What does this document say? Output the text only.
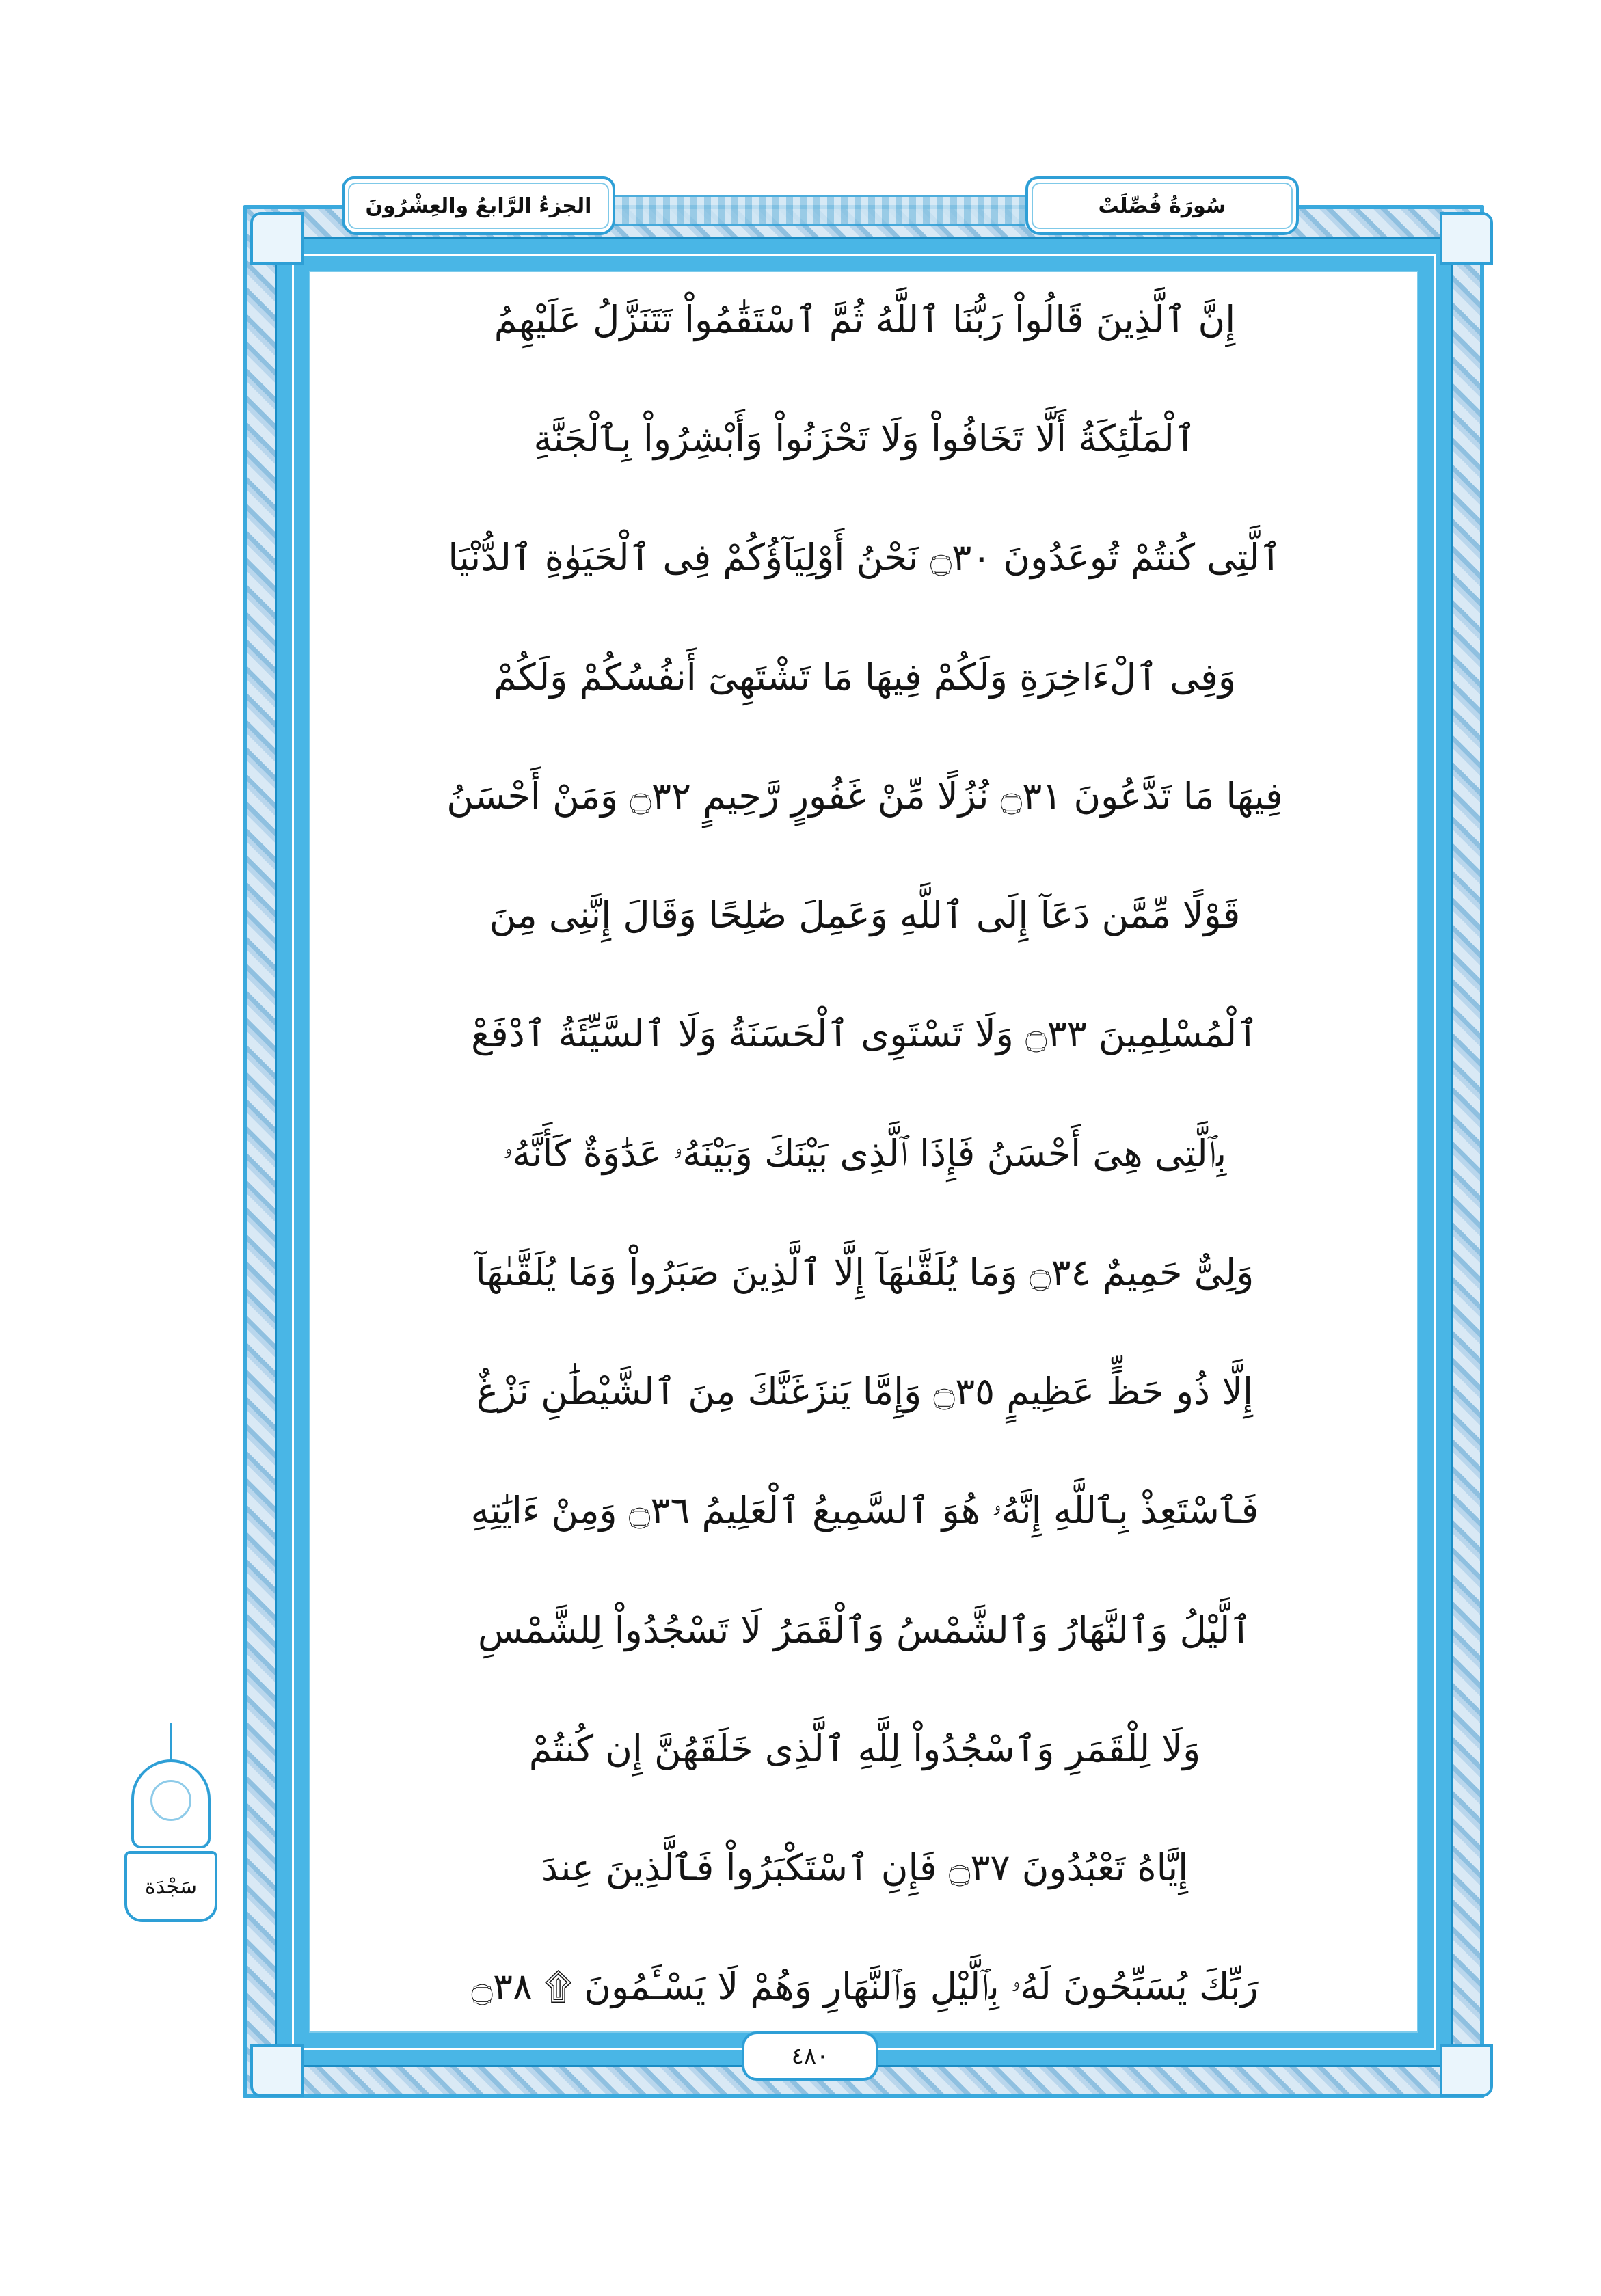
الجزءُ الرَّابعُ والعِشْرُونَ	سُورَةُ فُصِّلَتْ
سَجْدَة
إِنَّ ٱلَّذِينَ قَالُواْ رَبُّنَا ٱللَّهُ ثُمَّ ٱسْتَقَٰمُواْ تَتَنَزَّلُ عَلَيْهِمُ
ٱلْمَلَٰٓئِكَةُ أَلَّا تَخَافُواْ وَلَا تَحْزَنُواْ وَأَبْشِرُواْ بِٱلْجَنَّةِ
ٱلَّتِى كُنتُمْ تُوعَدُونَ ۝٣٠ نَحْنُ أَوْلِيَآؤُكُمْ فِى ٱلْحَيَوٰةِ ٱلدُّنْيَا
وَفِى ٱلْءَاخِرَةِ وَلَكُمْ فِيهَا مَا تَشْتَهِىٓ أَنفُسُكُمْ وَلَكُمْ
فِيهَا مَا تَدَّعُونَ ۝٣١ نُزُلًا مِّنْ غَفُورٍ رَّحِيمٍ ۝٣٢ وَمَنْ أَحْسَنُ
قَوْلًا مِّمَّن دَعَآ إِلَى ٱللَّهِ وَعَمِلَ صَٰلِحًا وَقَالَ إِنَّنِى مِنَ
ٱلْمُسْلِمِينَ ۝٣٣ وَلَا تَسْتَوِى ٱلْحَسَنَةُ وَلَا ٱلسَّيِّئَةُ ٱدْفَعْ
بِٱلَّتِى هِىَ أَحْسَنُ فَإِذَا ٱلَّذِى بَيْنَكَ وَبَيْنَهُۥ عَدَٰوَةٌ كَأَنَّهُۥ
وَلِىٌّ حَمِيمٌ ۝٣٤ وَمَا يُلَقَّىٰهَآ إِلَّا ٱلَّذِينَ صَبَرُواْ وَمَا يُلَقَّىٰهَآ
إِلَّا ذُو حَظٍّ عَظِيمٍ ۝٣٥ وَإِمَّا يَنزَغَنَّكَ مِنَ ٱلشَّيْطَٰنِ نَزْغٌ
فَٱسْتَعِذْ بِٱللَّهِ إِنَّهُۥ هُوَ ٱلسَّمِيعُ ٱلْعَلِيمُ ۝٣٦ وَمِنْ ءَايَٰتِهِ
ٱلَّيْلُ وَٱلنَّهَارُ وَٱلشَّمْسُ وَٱلْقَمَرُ لَا تَسْجُدُواْ لِلشَّمْسِ
وَلَا لِلْقَمَرِ وَٱسْجُدُواْ لِلَّهِ ٱلَّذِى خَلَقَهُنَّ إِن كُنتُمْ
إِيَّاهُ تَعْبُدُونَ ۝٣٧ فَإِنِ ٱسْتَكْبَرُواْ فَٱلَّذِينَ عِندَ
رَبِّكَ يُسَبِّحُونَ لَهُۥ بِٱلَّيْلِ وَٱلنَّهَارِ وَهُمْ لَا يَسْـَٔمُونَ ۩ ۝٣٨
٤٨٠
